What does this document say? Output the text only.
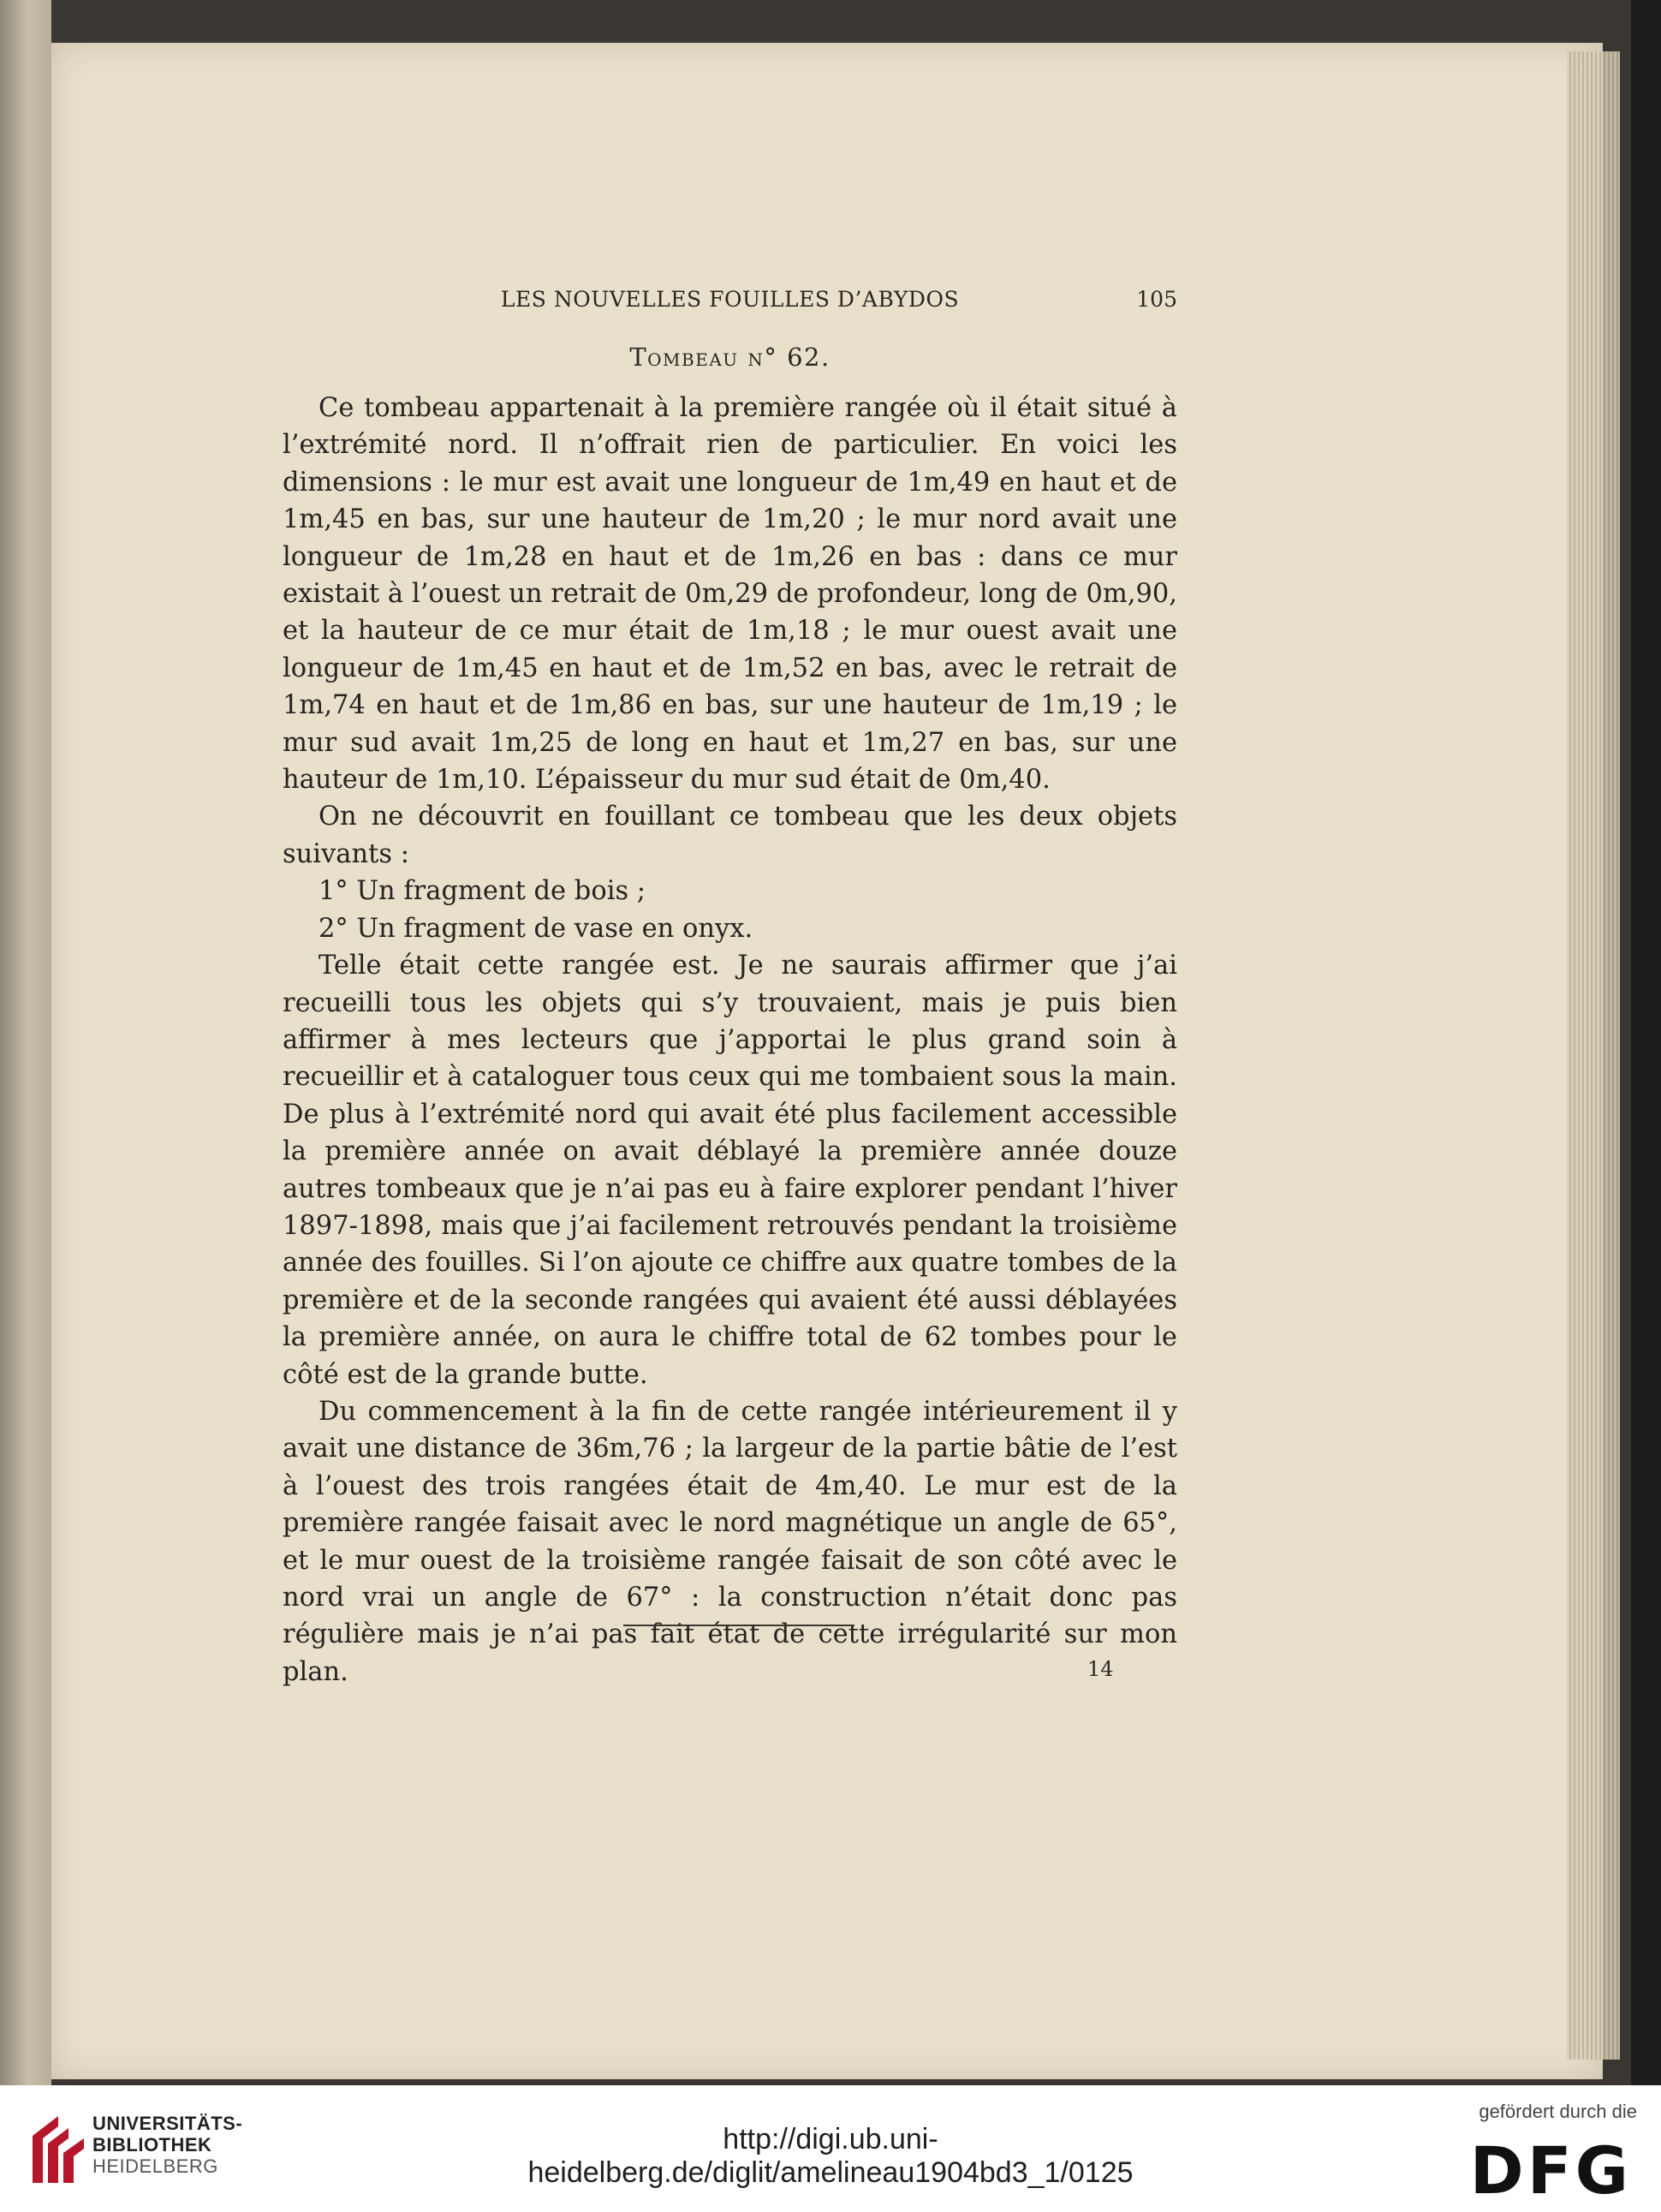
LES NOUVELLES FOUILLES D’ABYDOS	105
Tombeau n° 62.

Ce tombeau appartenait à la première rangée où il était situé à l’extrémité nord. Il n’offrait rien de particulier. En voici les dimensions : le mur est avait une longueur de 1m,49 en haut et de 1m,45 en bas, sur une hauteur de 1m,20 ; le mur nord avait une longueur de 1m,28 en haut et de 1m,26 en bas : dans ce mur existait à l’ouest un retrait de 0m,29 de profondeur, long de 0m,90, et la hauteur de ce mur était de 1m,18 ; le mur ouest avait une longueur de 1m,45 en haut et de 1m,52 en bas, avec le retrait de 1m,74 en haut et de 1m,86 en bas, sur une hauteur de 1m,19 ; le mur sud avait 1m,25 de long en haut et 1m,27 en bas, sur une hauteur de 1m,10. L’épaisseur du mur sud était de 0m,40.

On ne découvrit en fouillant ce tombeau que les deux objets suivants :

1° Un fragment de bois ;

2° Un fragment de vase en onyx.

Telle était cette rangée est. Je ne saurais affirmer que j’ai recueilli tous les objets qui s’y trouvaient, mais je puis bien affirmer à mes lecteurs que j’apportai le plus grand soin à recueillir et à cataloguer tous ceux qui me tombaient sous la main. De plus à l’extrémité nord qui avait été plus facilement accessible la première année on avait déblayé la première année douze autres tombeaux que je n’ai pas eu à faire explorer pendant l’hiver 1897-1898, mais que j’ai facilement retrouvés pendant la troisième année des fouilles. Si l’on ajoute ce chiffre aux quatre tombes de la première et de la seconde rangées qui avaient été aussi déblayées la première année, on aura le chiffre total de 62 tombes pour le côté est de la grande butte.

Du commencement à la fin de cette rangée intérieurement il y avait une distance de 36m,76 ; la largeur de la partie bâtie de l’est à l’ouest des trois rangées était de 4m,40. Le mur est de la première rangée faisait avec le nord magnétique un angle de 65°, et le mur ouest de la troisième rangée faisait de son côté avec le nord vrai un angle de 67° : la construction n’était donc pas régulière mais je n’ai pas fait état de cette irrégularité sur mon plan.	14
UNIVERSITÄTS-
BIBLIOTHEK
HEIDELBERG
http://digi.ub.uni-heidelberg.de/diglit/amelineau1904bd3_1/0125
gefördert durch die
DFG
